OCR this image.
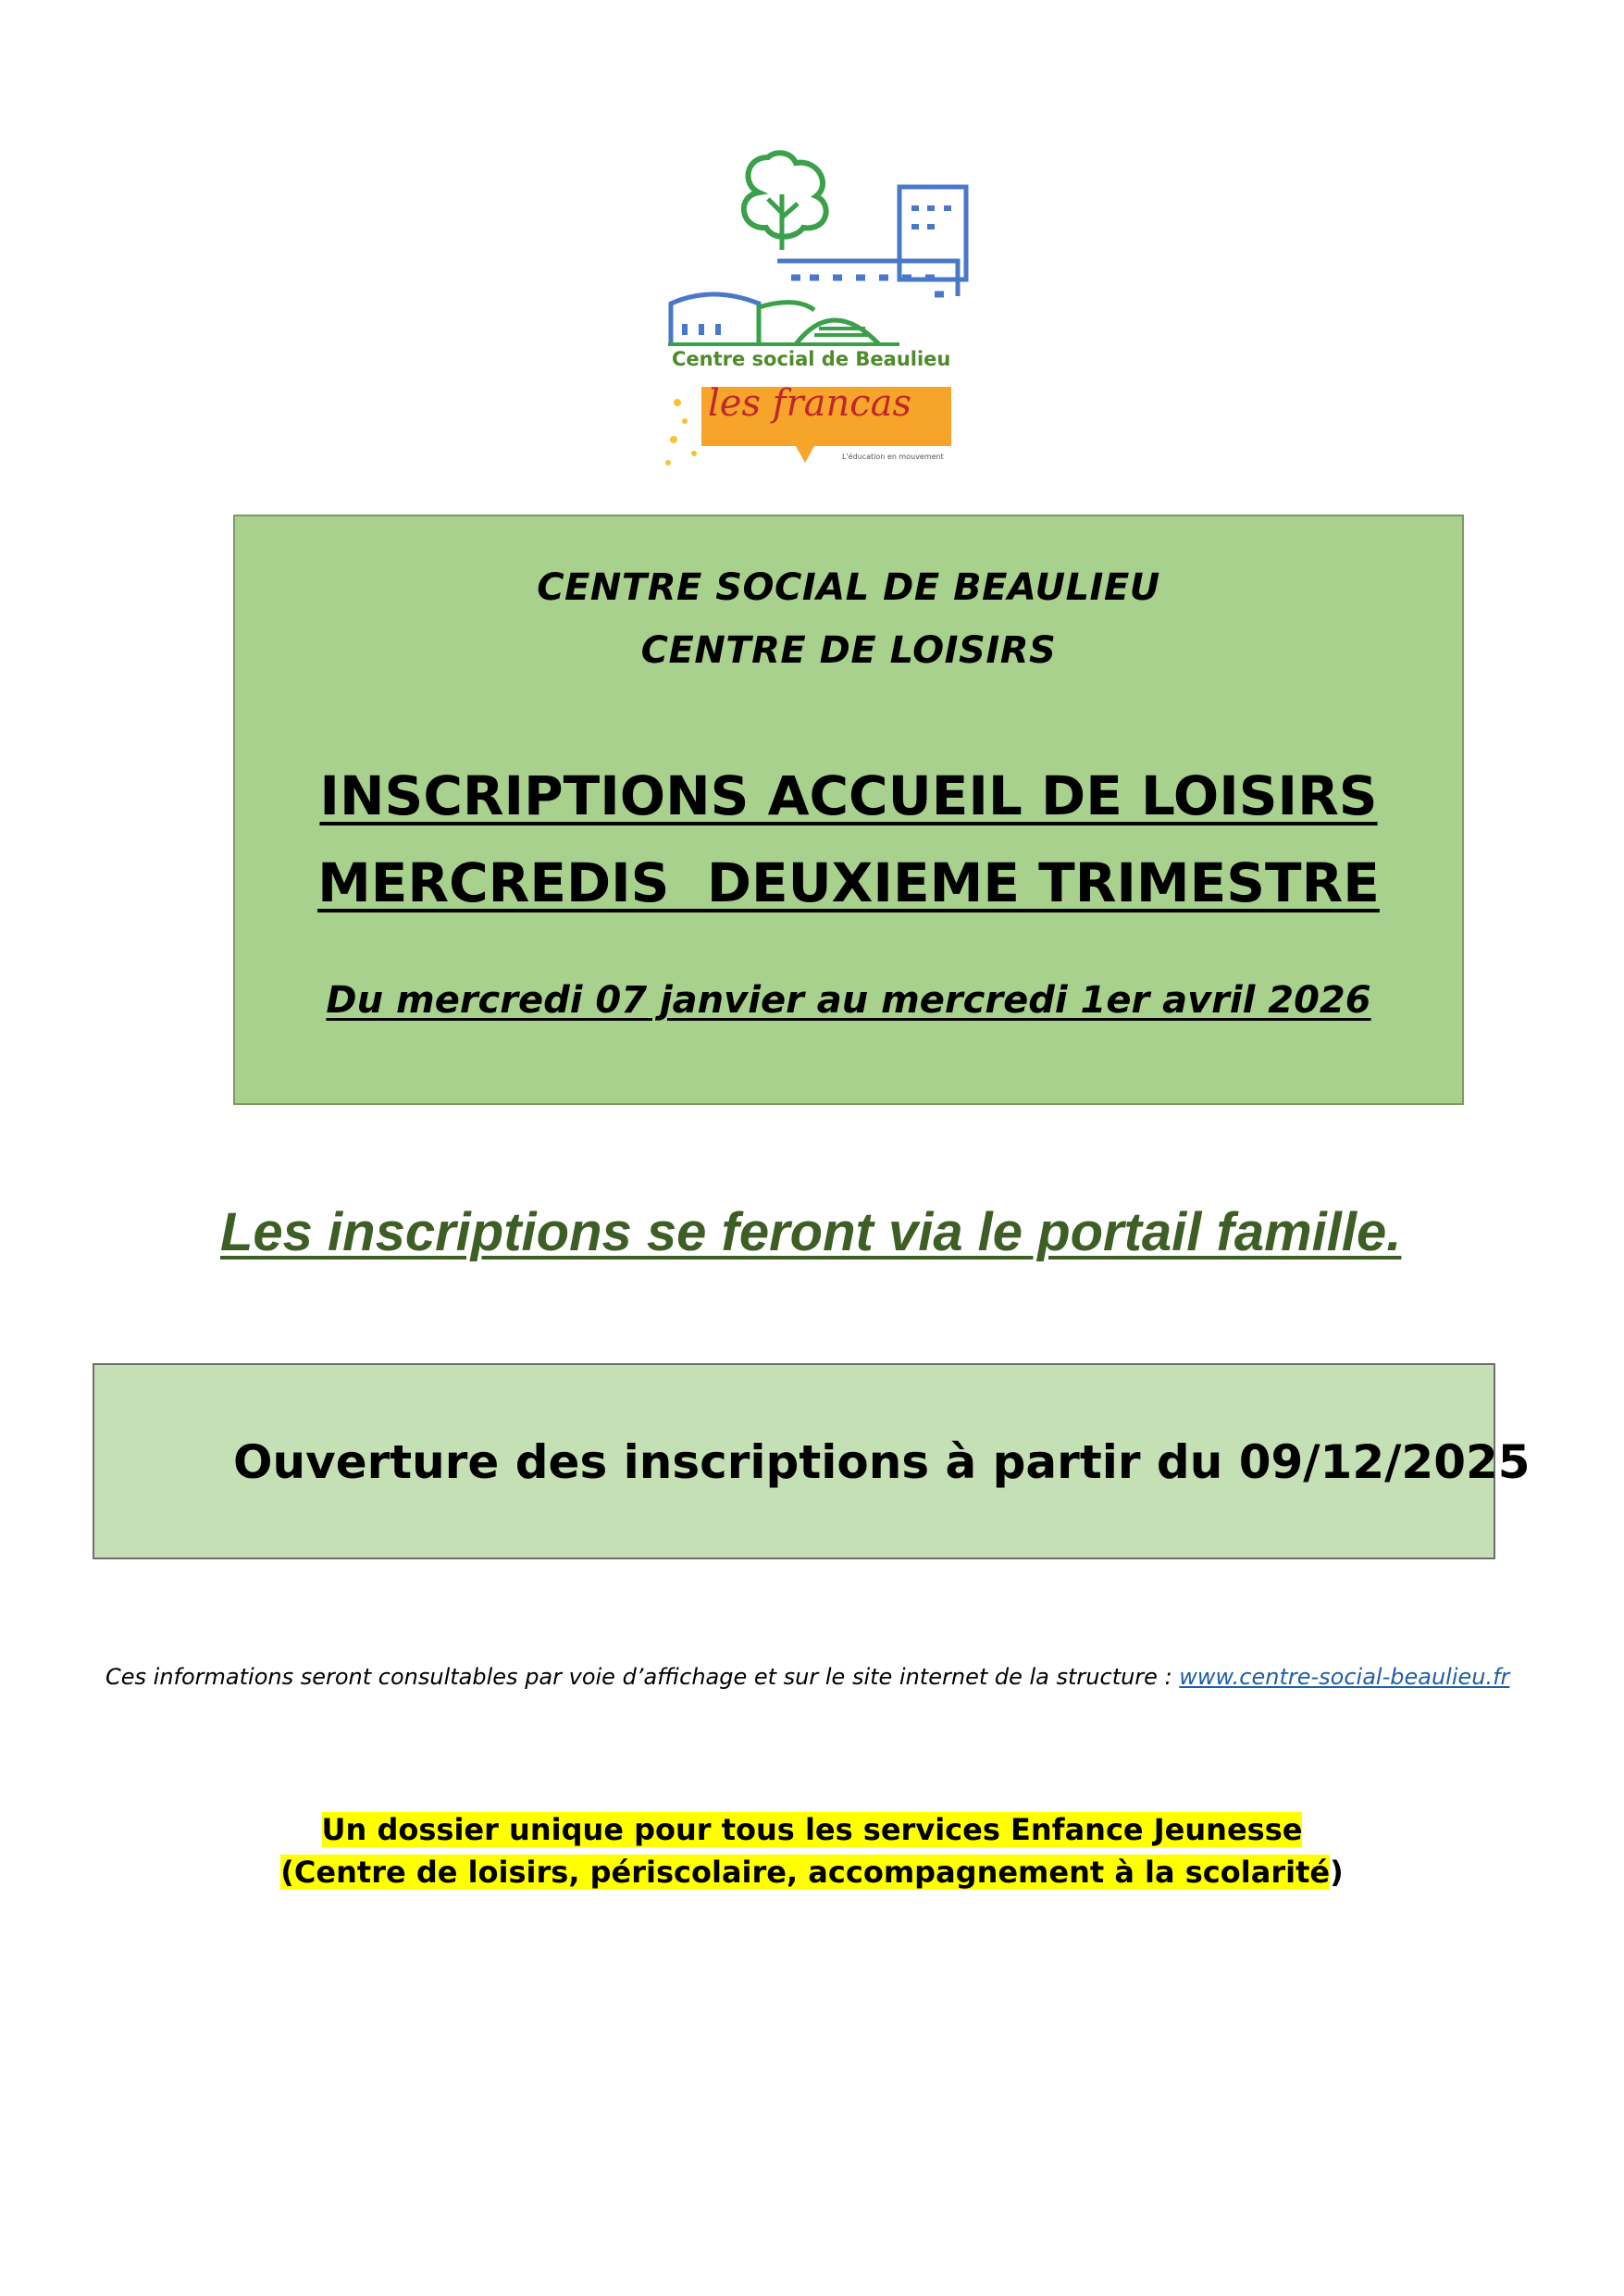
Centre social de Beaulieu
les francas
L'éducation en mouvement
CENTRE SOCIAL DE BEAULIEU
CENTRE DE LOISIRS
INSCRIPTIONS ACCUEIL DE LOISIRS
MERCREDIS  DEUXIEME TRIMESTRE
Du mercredi 07 janvier au mercredi 1er avril 2026
Les inscriptions se feront via le portail famille.
Ouverture des inscriptions à partir du 09/12/2025
Ces informations seront consultables par voie d’affichage et sur le site internet de la structure : www.centre-social-beaulieu.fr
Un dossier unique pour tous les services Enfance Jeunesse
(Centre de loisirs, périscolaire, accompagnement à la scolarité)
